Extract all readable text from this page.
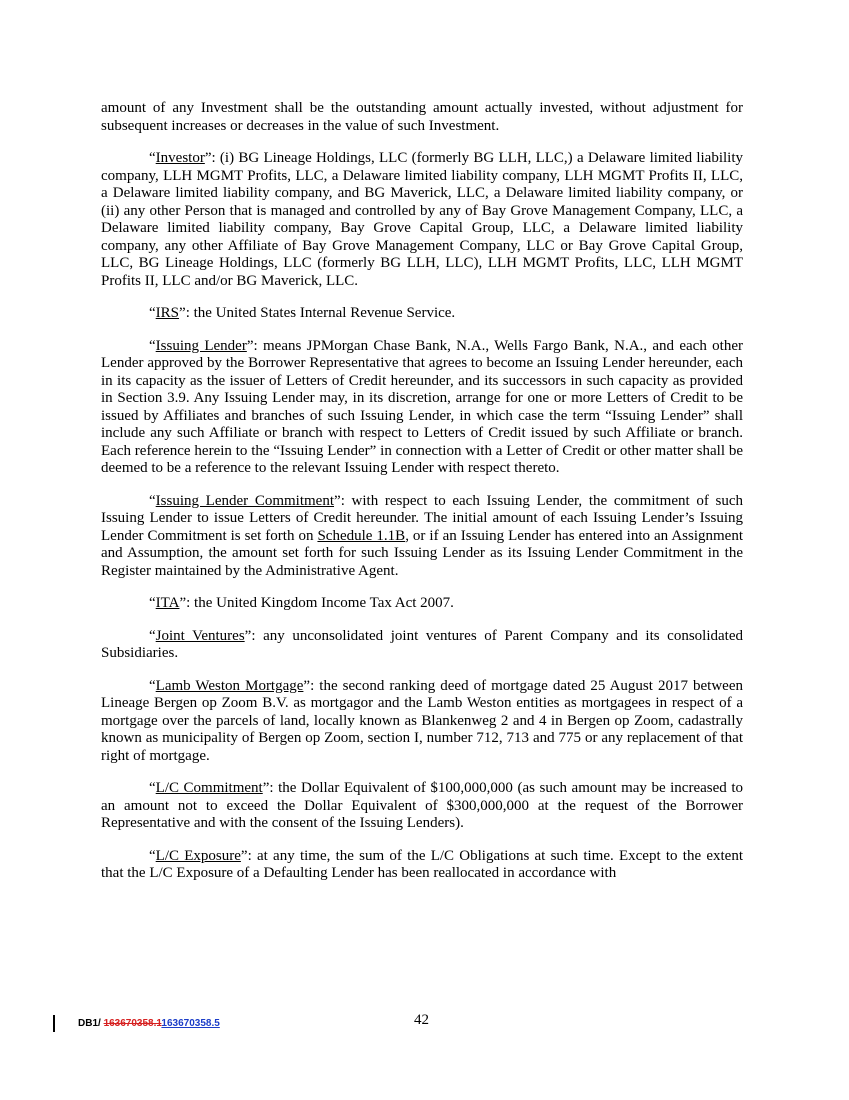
amount of any Investment shall be the outstanding amount actually invested, without adjustment for subsequent increases or decreases in the value of such Investment.

“Investor”: (i) BG Lineage Holdings, LLC (formerly BG LLH, LLC,) a Delaware limited liability company, LLH MGMT Profits, LLC, a Delaware limited liability company, LLH MGMT Profits II, LLC, a Delaware limited liability company, and BG Maverick, LLC, a Delaware limited liability company, or (ii) any other Person that is managed and controlled by any of Bay Grove Management Company, LLC, a Delaware limited liability company, Bay Grove Capital Group, LLC, a Delaware limited liability company, any other Affiliate of Bay Grove Management Company, LLC or Bay Grove Capital Group, LLC, BG Lineage Holdings, LLC (formerly BG LLH, LLC), LLH MGMT Profits, LLC, LLH MGMT Profits II, LLC and/or BG Maverick, LLC.

“IRS”: the United States Internal Revenue Service.

“Issuing Lender”: means JPMorgan Chase Bank, N.A., Wells Fargo Bank, N.A., and each other Lender approved by the Borrower Representative that agrees to become an Issuing Lender hereunder, each in its capacity as the issuer of Letters of Credit hereunder, and its successors in such capacity as provided in Section 3.9. Any Issuing Lender may, in its discretion, arrange for one or more Letters of Credit to be issued by Affiliates and branches of such Issuing Lender, in which case the term “Issuing Lender” shall include any such Affiliate or branch with respect to Letters of Credit issued by such Affiliate or branch. Each reference herein to the “Issuing Lender” in connection with a Letter of Credit or other matter shall be deemed to be a reference to the relevant Issuing Lender with respect thereto.

“Issuing Lender Commitment”: with respect to each Issuing Lender, the commitment of such Issuing Lender to issue Letters of Credit hereunder. The initial amount of each Issuing Lender’s Issuing Lender Commitment is set forth on Schedule 1.1B, or if an Issuing Lender has entered into an Assignment and Assumption, the amount set forth for such Issuing Lender as its Issuing Lender Commitment in the Register maintained by the Administrative Agent.

“ITA”: the United Kingdom Income Tax Act 2007.

“Joint Ventures”: any unconsolidated joint ventures of Parent Company and its consolidated Subsidiaries.

“Lamb Weston Mortgage”: the second ranking deed of mortgage dated 25 August 2017 between Lineage Bergen op Zoom B.V. as mortgagor and the Lamb Weston entities as mortgagees in respect of a mortgage over the parcels of land, locally known as Blankenweg 2 and 4 in Bergen op Zoom, cadastrally known as municipality of Bergen op Zoom, section I, number 712, 713 and 775 or any replacement of that right of mortgage.

“L/C Commitment”: the Dollar Equivalent of $100,000,000 (as such amount may be increased to an amount not to exceed the Dollar Equivalent of $300,000,000 at the request of the Borrower Representative and with the consent of the Issuing Lenders).

“L/C Exposure”: at any time, the sum of the L/C Obligations at such time. Except to the extent that the L/C Exposure of a Defaulting Lender has been reallocated in accordance with

DB1/ 163670358.1163670358.5	42
